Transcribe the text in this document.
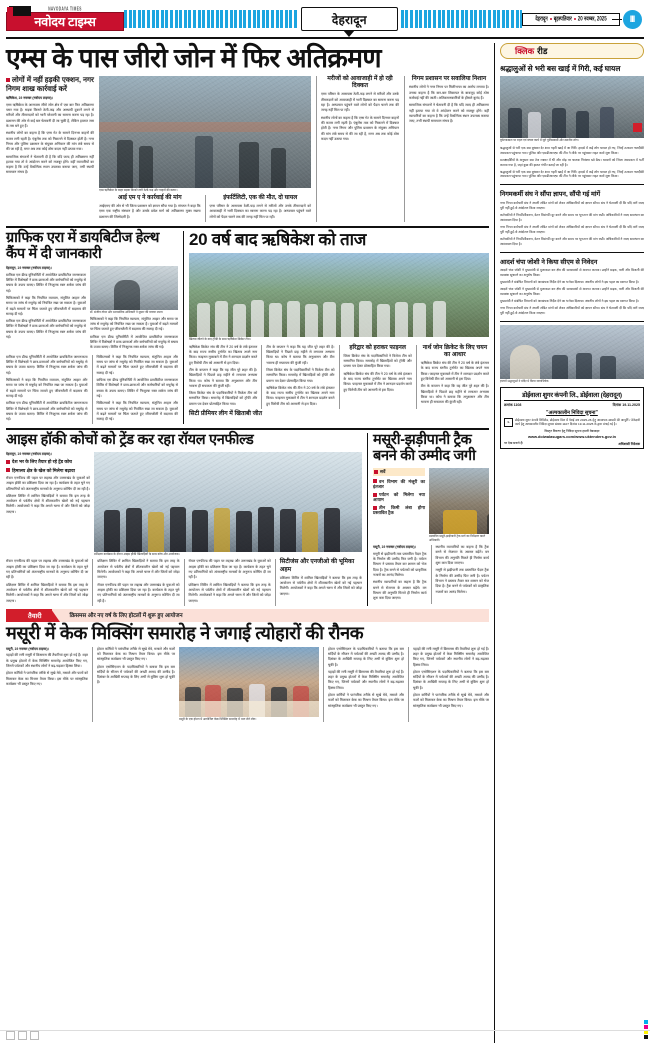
NAVODAYA TIMES
नवोदय टाइम्स	देहरादून	देहरादून बृहस्पतिवार 20 नवम्बर, 2025	III
एम्स के पास जीरो जोन में फिर अतिक्रमण
लोगों में नहीं हड़की एक्शन, नगर निगम शाख कार्रवाई करें
ऋषिकेश, 19 नवम्बर (नवोदय टाइम्स)।

एम्स ऋषिकेश के आसपास जीरो जोन क्षेत्र में एक बार फिर अतिक्रमण पसर गया है। सड़क किनारे ठेली-फड़ और अस्थायी दुकानें लगने से मरीजों और तीमारदारों को भारी परेशानी का सामना करना पड़ रहा है। प्रशासन की ओर से कई बार चेतावनी दी जा चुकी है, लेकिन हालात जस के तस बने हुए हैं।

स्थानीय लोगों का कहना है कि एम्स गेट के सामने दिनभर वाहनों की कतार लगी रहती है। एंबुलेंस तक को निकलने में दिक्कत होती है। नगर निगम और पुलिस प्रशासन के संयुक्त अभियान की मांग लंबे समय से की जा रही है, मगर अब तक कोई ठोस कदम नहीं उठाया गया।

सामाजिक संगठनों ने चेतावनी दी है कि यदि जल्द ही अतिक्रमण नहीं हटाया गया तो वे आंदोलन करने को मजबूर होंगे। वहीं व्यापारियों का कहना है कि उन्हें वैकल्पिक स्थान उपलब्ध कराया जाए, तभी स्थायी समाधान संभव है।

एम्स ऋषिकेश के बाहर सड़क किनारे लगी ठेली-फड़ और वाहनों की कतार।
आई एम ए ने कार्रवाई की मांग

आईएमए की ओर से भी जिला प्रशासन को ज्ञापन सौंपा गया है। संगठन ने कहा कि एम्स एक राष्ट्रीय संस्थान है और उसके प्रवेश मार्ग को अतिक्रमण मुक्त रखना प्रशासन की जिम्मेदारी है।

इंफर्टिलिटी, एक की मौत, दो घायल

एम्स परिसर के आसपास ठेली-फड़ लगने से मरीजों और उनके तीमारदारों को आवाजाही में भारी दिक्कत का सामना करना पड़ रहा है। अस्पताल पहुंचने वाले लोगों को पैदल चलने तक की जगह नहीं मिल पा रही।

मरीजों को आवाजाही में हो रही दिक्कत

एम्स परिसर के आसपास ठेली-फड़ लगने से मरीजों और उनके तीमारदारों को आवाजाही में भारी दिक्कत का सामना करना पड़ रहा है। अस्पताल पहुंचने वाले लोगों को पैदल चलने तक की जगह नहीं मिल पा रही।

स्थानीय लोगों का कहना है कि एम्स गेट के सामने दिनभर वाहनों की कतार लगी रहती है। एंबुलेंस तक को निकलने में दिक्कत होती है। नगर निगम और पुलिस प्रशासन के संयुक्त अभियान की मांग लंबे समय से की जा रही है, मगर अब तक कोई ठोस कदम नहीं उठाया गया।

निगम प्रशासन पर सवालिया निशान

स्थानीय लोगों ने नगर निगम पर मिलीभगत का आरोप लगाया है। उनका कहना है कि बार-बार शिकायत के बावजूद कोई ठोस कार्रवाई नहीं की जाती। अतिक्रमणकारियों के हौसले बुलंद हैं।

सामाजिक संगठनों ने चेतावनी दी है कि यदि जल्द ही अतिक्रमण नहीं हटाया गया तो वे आंदोलन करने को मजबूर होंगे। वहीं व्यापारियों का कहना है कि उन्हें वैकल्पिक स्थान उपलब्ध कराया जाए, तभी स्थायी समाधान संभव है।

ग्राफिक एरा में डायबिटीज हेल्थ कैंप में दी जानकारी
देहरादून, 19 नवम्बर (नवोदय टाइम्स)।

ग्राफिक एरा डीम्ड यूनिवर्सिटी में आयोजित डायबिटीज जागरूकता शिविर में विशेषज्ञों ने छात्र-छात्राओं और कर्मचारियों को मधुमेह से बचाव के उपाय बताए। शिविर में निःशुल्क रक्त शर्करा जांच की गई।

चिकित्सकों ने कहा कि नियमित व्यायाम, संतुलित आहार और समय पर जांच से मधुमेह को नियंत्रित रखा जा सकता है। युवाओं में बढ़ते मामलों पर चिंता जताते हुए जीवनशैली में बदलाव की सलाह दी गई।

ग्राफिक एरा डीम्ड यूनिवर्सिटी में आयोजित डायबिटीज जागरूकता शिविर में विशेषज्ञों ने छात्र-छात्राओं और कर्मचारियों को मधुमेह से बचाव के उपाय बताए। शिविर में निःशुल्क रक्त शर्करा जांच की गई।

डॉ. संजीव तोमर और प्रशासनिक अधिकारी ने सुधार की बताया उपाय

चिकित्सकों ने कहा कि नियमित व्यायाम, संतुलित आहार और समय पर जांच से मधुमेह को नियंत्रित रखा जा सकता है। युवाओं में बढ़ते मामलों पर चिंता जताते हुए जीवनशैली में बदलाव की सलाह दी गई।

ग्राफिक एरा डीम्ड यूनिवर्सिटी में आयोजित डायबिटीज जागरूकता शिविर में विशेषज्ञों ने छात्र-छात्राओं और कर्मचारियों को मधुमेह से बचाव के उपाय बताए। शिविर में निःशुल्क रक्त शर्करा जांच की गई।

ग्राफिक एरा डीम्ड यूनिवर्सिटी में आयोजित डायबिटीज जागरूकता शिविर में विशेषज्ञों ने छात्र-छात्राओं और कर्मचारियों को मधुमेह से बचाव के उपाय बताए। शिविर में निःशुल्क रक्त शर्करा जांच की गई।

चिकित्सकों ने कहा कि नियमित व्यायाम, संतुलित आहार और समय पर जांच से मधुमेह को नियंत्रित रखा जा सकता है। युवाओं में बढ़ते मामलों पर चिंता जताते हुए जीवनशैली में बदलाव की सलाह दी गई।

ग्राफिक एरा डीम्ड यूनिवर्सिटी में आयोजित डायबिटीज जागरूकता शिविर में विशेषज्ञों ने छात्र-छात्राओं और कर्मचारियों को मधुमेह से बचाव के उपाय बताए। शिविर में निःशुल्क रक्त शर्करा जांच की गई।

चिकित्सकों ने कहा कि नियमित व्यायाम, संतुलित आहार और समय पर जांच से मधुमेह को नियंत्रित रखा जा सकता है। युवाओं में बढ़ते मामलों पर चिंता जताते हुए जीवनशैली में बदलाव की सलाह दी गई।

ग्राफिक एरा डीम्ड यूनिवर्सिटी में आयोजित डायबिटीज जागरूकता शिविर में विशेषज्ञों ने छात्र-छात्राओं और कर्मचारियों को मधुमेह से बचाव के उपाय बताए। शिविर में निःशुल्क रक्त शर्करा जांच की गई।

चिकित्सकों ने कहा कि नियमित व्यायाम, संतुलित आहार और समय पर जांच से मधुमेह को नियंत्रित रखा जा सकता है। युवाओं में बढ़ते मामलों पर चिंता जताते हुए जीवनशैली में बदलाव की सलाह दी गई।

20 वर्ष बाद ऋषिकेश को ताज
खिताब जीतने के बाद ट्रॉफी के साथ ऋषिकेश क्रिकेट टीम।

ऋषिकेश क्रिकेट संघ की टीम ने 20 वर्ष के लंबे इंतजार के बाद राज्य स्तरीय टूर्नामेंट का खिताब अपने नाम किया। फाइनल मुकाबले में टीम ने शानदार प्रदर्शन करते हुए विरोधी टीम को आसानी से हरा दिया।

टीम के कप्तान ने कहा कि यह जीत पूरे शहर की है। खिलाड़ियों ने पिछले छह महीने से लगातार अभ्यास किया था। कोच ने बताया कि अनुशासन और टीम भावना ही सफलता की कुंजी रही।

जिला क्रिकेट संघ के पदाधिकारियों ने विजेता टीम को सम्मानित किया। समारोह में खिलाड़ियों को ट्रॉफी और प्रमाण पत्र देकर प्रोत्साहित किया गया।

टीम के कप्तान ने कहा कि यह जीत पूरे शहर की है। खिलाड़ियों ने पिछले छह महीने से लगातार अभ्यास किया था। कोच ने बताया कि अनुशासन और टीम भावना ही सफलता की कुंजी रही।

जिला क्रिकेट संघ के पदाधिकारियों ने विजेता टीम को सम्मानित किया। समारोह में खिलाड़ियों को ट्रॉफी और प्रमाण पत्र देकर प्रोत्साहित किया गया।

ऋषिकेश क्रिकेट संघ की टीम ने 20 वर्ष के लंबे इंतजार के बाद राज्य स्तरीय टूर्नामेंट का खिताब अपने नाम किया। फाइनल मुकाबले में टीम ने शानदार प्रदर्शन करते हुए विरोधी टीम को आसानी से हरा दिया।

हरिद्वार को हराकर फाइनल

जिला क्रिकेट संघ के पदाधिकारियों ने विजेता टीम को सम्मानित किया। समारोह में खिलाड़ियों को ट्रॉफी और प्रमाण पत्र देकर प्रोत्साहित किया गया।

ऋषिकेश क्रिकेट संघ की टीम ने 20 वर्ष के लंबे इंतजार के बाद राज्य स्तरीय टूर्नामेंट का खिताब अपने नाम किया। फाइनल मुकाबले में टीम ने शानदार प्रदर्शन करते हुए विरोधी टीम को आसानी से हरा दिया।

नार्थ जोन क्रिकेट के लिए चयन का आधार

ऋषिकेश क्रिकेट संघ की टीम ने 20 वर्ष के लंबे इंतजार के बाद राज्य स्तरीय टूर्नामेंट का खिताब अपने नाम किया। फाइनल मुकाबले में टीम ने शानदार प्रदर्शन करते हुए विरोधी टीम को आसानी से हरा दिया।

टीम के कप्तान ने कहा कि यह जीत पूरे शहर की है। खिलाड़ियों ने पिछले छह महीने से लगातार अभ्यास किया था। कोच ने बताया कि अनुशासन और टीम भावना ही सफलता की कुंजी रही।

सिटी प्रीमियर लीग में खिताबी जीत
आइस हॉकी कोचों को ट्रेंड कर रहा रॉयल एनफील्ड
देहरादून, 19 नवम्बर (नवोदय टाइम्स)।
देश भर के लिए तैयार हो रहे ट्रेंड कोच
हिमालय क्षेत्र के खेल को मिलेगा बढ़ावा

रॉयल एनफील्ड की पहल पर लद्दाख और उत्तराखंड के युवाओं को आइस हॉकी का प्रशिक्षण दिया जा रहा है। कार्यक्रम के तहत चुने गए प्रतिभागियों को अंतरराष्ट्रीय मानकों के अनुरूप कोचिंग दी जा रही है।

प्रशिक्षण शिविर में शामिल खिलाड़ियों ने बताया कि इस तरह के आयोजन से पर्वतीय क्षेत्रों में शीतकालीन खेलों को नई पहचान मिलेगी। आयोजकों ने कहा कि अगले चरण में और जिलों को जोड़ा जाएगा।

प्रशिक्षण कार्यक्रम के दौरान आइस हॉकी खिलाड़ियों के साथ कोच और आयोजक।

रॉयल एनफील्ड की पहल पर लद्दाख और उत्तराखंड के युवाओं को आइस हॉकी का प्रशिक्षण दिया जा रहा है। कार्यक्रम के तहत चुने गए प्रतिभागियों को अंतरराष्ट्रीय मानकों के अनुरूप कोचिंग दी जा रही है।

प्रशिक्षण शिविर में शामिल खिलाड़ियों ने बताया कि इस तरह के आयोजन से पर्वतीय क्षेत्रों में शीतकालीन खेलों को नई पहचान मिलेगी। आयोजकों ने कहा कि अगले चरण में और जिलों को जोड़ा जाएगा।

प्रशिक्षण शिविर में शामिल खिलाड़ियों ने बताया कि इस तरह के आयोजन से पर्वतीय क्षेत्रों में शीतकालीन खेलों को नई पहचान मिलेगी। आयोजकों ने कहा कि अगले चरण में और जिलों को जोड़ा जाएगा।

रॉयल एनफील्ड की पहल पर लद्दाख और उत्तराखंड के युवाओं को आइस हॉकी का प्रशिक्षण दिया जा रहा है। कार्यक्रम के तहत चुने गए प्रतिभागियों को अंतरराष्ट्रीय मानकों के अनुरूप कोचिंग दी जा रही है।

रॉयल एनफील्ड की पहल पर लद्दाख और उत्तराखंड के युवाओं को आइस हॉकी का प्रशिक्षण दिया जा रहा है। कार्यक्रम के तहत चुने गए प्रतिभागियों को अंतरराष्ट्रीय मानकों के अनुरूप कोचिंग दी जा रही है।

प्रशिक्षण शिविर में शामिल खिलाड़ियों ने बताया कि इस तरह के आयोजन से पर्वतीय क्षेत्रों में शीतकालीन खेलों को नई पहचान मिलेगी। आयोजकों ने कहा कि अगले चरण में और जिलों को जोड़ा जाएगा।

सिटीजंस और एनजीओ की भूमिका अहम

प्रशिक्षण शिविर में शामिल खिलाड़ियों ने बताया कि इस तरह के आयोजन से पर्वतीय क्षेत्रों में शीतकालीन खेलों को नई पहचान मिलेगी। आयोजकों ने कहा कि अगले चरण में और जिलों को जोड़ा जाएगा।

मसूरी-झड़ीपानी ट्रैक बनने की उम्मीद जगी
सर्वे
वन विभाग की मंजूरी का इंतजार
पर्यटन को मिलेगा नया आयाम
तीन किमी लंबा होगा प्रस्तावित ट्रैक
प्रस्तावित मसूरी-झड़ीपानी ट्रैक मार्ग का निरीक्षण करते अधिकारी।
मसूरी, 19 नवम्बर (नवोदय टाइम्स)।

मसूरी से झड़ीपानी तक प्रस्तावित पैदल ट्रैक के निर्माण की उम्मीद फिर जगी है। पर्यटन विभाग ने प्रस्ताव तैयार कर शासन को भेज दिया है। ट्रैक बनने से पर्यटकों को प्राकृतिक नजारों का आनंद मिलेगा।

स्थानीय व्यापारियों का कहना है कि ट्रैक बनने से रोजगार के अवसर बढ़ेंगे। वन विभाग की अनुमति मिलते ही निर्माण कार्य शुरू करा दिया जाएगा।

स्थानीय व्यापारियों का कहना है कि ट्रैक बनने से रोजगार के अवसर बढ़ेंगे। वन विभाग की अनुमति मिलते ही निर्माण कार्य शुरू करा दिया जाएगा।

मसूरी से झड़ीपानी तक प्रस्तावित पैदल ट्रैक के निर्माण की उम्मीद फिर जगी है। पर्यटन विभाग ने प्रस्ताव तैयार कर शासन को भेज दिया है। ट्रैक बनने से पर्यटकों को प्राकृतिक नजारों का आनंद मिलेगा।

तैयारी	क्रिसमस और नए वर्ष के लिए होटलों में शुरू हुए आयोजन
मसूरी में केक मिक्सिंग समारोह ने जगाई त्योहारों की रौनक
मसूरी, 19 नवम्बर (नवोदय टाइम्स)।

पहाड़ों की रानी मसूरी में क्रिसमस की तैयारियां शुरू हो गई हैं। शहर के प्रमुख होटलों में केक मिक्सिंग समारोह आयोजित किए गए, जिनमें पर्यटकों और स्थानीय लोगों ने बढ़-चढ़कर हिस्सा लिया।

होटल कर्मियों ने पारंपरिक तरीके से सूखे मेवे, मसाले और फलों को मिलाकर केक का मिश्रण तैयार किया। इस मौके पर सांस्कृतिक कार्यक्रम भी प्रस्तुत किए गए।

होटल कर्मियों ने पारंपरिक तरीके से सूखे मेवे, मसाले और फलों को मिलाकर केक का मिश्रण तैयार किया। इस मौके पर सांस्कृतिक कार्यक्रम भी प्रस्तुत किए गए।

होटल एसोसिएशन के पदाधिकारियों ने बताया कि इस बार सर्दियों के सीजन में पर्यटकों की अच्छी आमद की उम्मीद है। दिसंबर के आखिरी सप्ताह के लिए अभी से बुकिंग शुरू हो चुकी है।

मसूरी के एक होटल में आयोजित केक मिक्सिंग समारोह में भाग लेते लोग।

होटल एसोसिएशन के पदाधिकारियों ने बताया कि इस बार सर्दियों के सीजन में पर्यटकों की अच्छी आमद की उम्मीद है। दिसंबर के आखिरी सप्ताह के लिए अभी से बुकिंग शुरू हो चुकी है।

पहाड़ों की रानी मसूरी में क्रिसमस की तैयारियां शुरू हो गई हैं। शहर के प्रमुख होटलों में केक मिक्सिंग समारोह आयोजित किए गए, जिनमें पर्यटकों और स्थानीय लोगों ने बढ़-चढ़कर हिस्सा लिया।

होटल कर्मियों ने पारंपरिक तरीके से सूखे मेवे, मसाले और फलों को मिलाकर केक का मिश्रण तैयार किया। इस मौके पर सांस्कृतिक कार्यक्रम भी प्रस्तुत किए गए।

पहाड़ों की रानी मसूरी में क्रिसमस की तैयारियां शुरू हो गई हैं। शहर के प्रमुख होटलों में केक मिक्सिंग समारोह आयोजित किए गए, जिनमें पर्यटकों और स्थानीय लोगों ने बढ़-चढ़कर हिस्सा लिया।

होटल एसोसिएशन के पदाधिकारियों ने बताया कि इस बार सर्दियों के सीजन में पर्यटकों की अच्छी आमद की उम्मीद है। दिसंबर के आखिरी सप्ताह के लिए अभी से बुकिंग शुरू हो चुकी है।

होटल कर्मियों ने पारंपरिक तरीके से सूखे मेवे, मसाले और फलों को मिलाकर केक का मिश्रण तैयार किया। इस मौके पर सांस्कृतिक कार्यक्रम भी प्रस्तुत किए गए।

क्लिक रीड
श्रद्धालुओं से भरी बस खाई में गिरी, कई घायल
दुर्घटनास्थल पर राहत एवं बचाव कार्य में जुटे पुलिसकर्मी और स्थानीय लोग।

श्रद्धालुओं से भरी एक बस बुधवार देर शाम गहरी खाई में जा गिरी। हादसे में कई लोग घायल हो गए, जिन्हें तत्काल नजदीकी अस्पताल पहुंचाया गया। पुलिस और एसडीआरएफ की टीम ने मौके पर पहुंचकर राहत कार्य शुरू किया।

प्रत्यक्षदर्शियों के अनुसार बस तेज रफ्तार में थी और मोड़ पर चालक नियंत्रण खो बैठा। घायलों को जिला अस्पताल में भर्ती कराया गया है, जहां कुछ की हालत गंभीर बताई जा रही है।

श्रद्धालुओं से भरी एक बस बुधवार देर शाम गहरी खाई में जा गिरी। हादसे में कई लोग घायल हो गए, जिन्हें तत्काल नजदीकी अस्पताल पहुंचाया गया। पुलिस और एसडीआरएफ की टीम ने मौके पर पहुंचकर राहत कार्य शुरू किया।

निगमकर्मी संघ ने सौंपा ज्ञापन, सौंपी गई मांगें

नगर निगम कर्मचारी संघ ने अपनी लंबित मांगों को लेकर अधिकारियों को ज्ञापन सौंपा। संघ ने चेतावनी दी कि यदि मांगें जल्द पूरी नहीं हुईं तो आंदोलन किया जाएगा।

कर्मचारियों ने नियमितीकरण, वेतन विसंगति दूर करने और समय पर भुगतान की मांग रखी। अधिकारियों ने जल्द समाधान का आश्वासन दिया है।

नगर निगम कर्मचारी संघ ने अपनी लंबित मांगों को लेकर अधिकारियों को ज्ञापन सौंपा। संघ ने चेतावनी दी कि यदि मांगें जल्द पूरी नहीं हुईं तो आंदोलन किया जाएगा।

कर्मचारियों ने नियमितीकरण, वेतन विसंगति दूर करने और समय पर भुगतान की मांग रखी। अधिकारियों ने जल्द समाधान का आश्वासन दिया है।

आदर्श चंपा जोशी ने किया सीएम से निवेदन

आदर्श चंपा जोशी ने मुख्यमंत्री से मुलाकात कर क्षेत्र की समस्याओं से अवगत कराया। उन्होंने सड़क, पानी और बिजली की व्यवस्था सुधारने का अनुरोध किया।

मुख्यमंत्री ने संबंधित विभागों को आवश्यक निर्देश देने का भरोसा दिलाया। स्थानीय लोगों ने इस पहल का स्वागत किया है।

आदर्श चंपा जोशी ने मुख्यमंत्री से मुलाकात कर क्षेत्र की समस्याओं से अवगत कराया। उन्होंने सड़क, पानी और बिजली की व्यवस्था सुधारने का अनुरोध किया।

मुख्यमंत्री ने संबंधित विभागों को आवश्यक निर्देश देने का भरोसा दिलाया। स्थानीय लोगों ने इस पहल का स्वागत किया है।

नगर निगम कर्मचारी संघ ने अपनी लंबित मांगों को लेकर अधिकारियों को ज्ञापन सौंपा। संघ ने चेतावनी दी कि यदि मांगें जल्द पूरी नहीं हुईं तो आंदोलन किया जाएगा।

हजारों श्रद्धालुओं ने मंदिर में किया जलाभिषेक
डोईवाला शुगर कंपनी लि., डोईवाला (देहरादून)
क्रमांक 1108	दिनांक 19.11.2025
"अल्पकालीन निविदा सूचना"
1.	डोईवाला शुगर कंपनी लिमिटेड, डोईवाला मिल में पेराई सत्र 2025-26 हेतु आवश्यक सामग्री की आपूर्ति / ठेकेदारी कार्य हेतु अल्पकालीन निविदा सूचना संख्या 1107 दिनांक 19.11.2025 के द्वारा मंगाई गई है।
विस्तृत विवरण हेतु निविदा सूचना हमारी वेबसाइट
www.doiwalasugars.com/www.uktenders.gov.in
पर देख सकते हैं।	अधिशासी निदेशक
